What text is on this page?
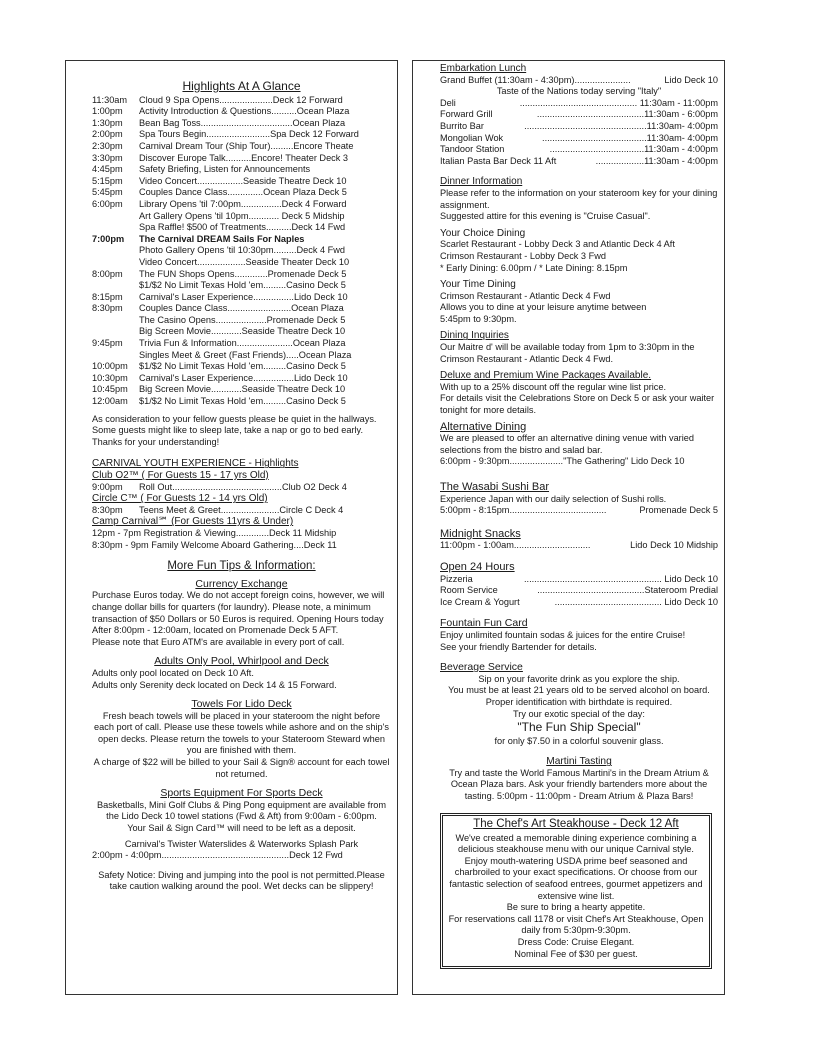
Highlights At A Glance
11:30am	Cloud 9 Spa Opens.....................Deck 12 Forward
1:00pm	Activity Introduction & Questions..........Ocean Plaza
1:30pm	Bean Bag Toss....................................Ocean Plaza
2:00pm	Spa Tours Begin.........................Spa Deck 12 Forward
2:30pm	Carnival Dream Tour (Ship Tour).........Encore Theate
3:30pm	Discover Europe Talk..........Encore! Theater Deck 3
4:45pm	Safety Briefing, Listen for Announcements
5:15pm	Video Concert..................Seaside Theatre Deck 10
5:45pm	Couples Dance Class..............Ocean Plaza Deck 5
6:00pm	Library Opens 'til 7:00pm................Deck 4 Forward
Art Gallery Opens 'til 10pm............ Deck 5 Midship
Spa Raffle! $500 of Treatments..........Deck 14 Fwd
7:00pm	The Carnival DREAM Sails For Naples
Photo Gallery Opens 'til 10:30pm.........Deck 4 Fwd
Video Concert...................Seaside Theater Deck 10
8:00pm	The FUN Shops Opens.............Promenade Deck 5
$1/$2 No Limit Texas Hold 'em.........Casino Deck 5
8:15pm	Carnival's Laser Experience................Lido Deck 10
8:30pm	Couples Dance Class.........................Ocean Plaza
The Casino Opens....................Promenade Deck 5
Big Screen Movie............Seaside Theatre Deck 10
9:45pm	Trivia Fun & Information......................Ocean Plaza
Singles Meet & Greet (Fast Friends).....Ocean Plaza
10:00pm	$1/$2 No Limit Texas Hold 'em.........Casino Deck 5
10:30pm	Carnival's Laser Experience................Lido Deck 10
10:45pm	Big Screen Movie............Seaside Theatre Deck 10
12:00am	$1/$2 No Limit Texas Hold 'em.........Casino Deck 5
As consideration to your fellow guests please be quiet in the hallways. Some guests might like to sleep late, take a nap or go to bed early. Thanks for your understanding!
CARNIVAL YOUTH EXPERIENCE - Highlights
Club O2™ ( For Guests 15 - 17 yrs Old)
9:00pm	Roll Out...........................................Club O2 Deck 4
Circle C™ ( For Guests 12 - 14 yrs Old)
8:30pm	Teens Meet & Greet.......................Circle C Deck 4
Camp Carnival℠ (For Guests 11yrs & Under)
12pm - 7pm Registration & Viewing.............Deck 11 Midship
8:30pm - 9pm Family Welcome Aboard Gathering....Deck 11
More Fun Tips & Information:
Currency Exchange
Purchase Euros today. We do not accept foreign coins, however, we will change dollar bills for quarters (for laundry). Please note, a minimum transaction of $50 Dollars or 50 Euros is required. Opening Hours today After 8:00pm - 12:00am, located on Promenade Deck 5 AFT.
Please note that Euro ATM's are available in every port of call.
Adults Only Pool, Whirlpool and Deck
Adults only pool located on Deck 10 Aft.
Adults only Serenity deck located on Deck 14 & 15 Forward.
Towels For Lido Deck
Fresh beach towels will be placed in your stateroom the night before each port of call. Please use these towels while ashore and on the ship's open decks. Please return the towels to your Stateroom Steward when you are finished with them.
A charge of $22 will be billed to your Sail & Sign® account for each towel not returned.
Sports Equipment For Sports Deck
Basketballs, Mini Golf Clubs & Ping Pong equipment are available from the Lido Deck 10 towel stations (Fwd & Aft) from 9:00am - 6:00pm.
Your Sail & Sign Card™ will need to be left as a deposit.
Carnival's Twister Waterslides & Waterworks Splash Park
2:00pm - 4:00pm..................................................Deck 12 Fwd
Safety Notice: Diving and jumping into the pool is not permitted.Please take caution walking around the pool. Wet decks can be slippery!
Embarkation Lunch
Grand Buffet (11:30am - 4:30pm)......................	Lido Deck 10
Taste of the Nations today serving "Italy"
Deli	.............................................. 11:30am - 11:00pm
Forward Grill	..........................................11:30am - 6:00pm
Burrito Bar	................................................11:30am- 4:00pm
Mongolian Wok	.........................................11:30am- 4:00pm
Tandoor Station	.....................................11:30am - 4:00pm
Italian Pasta Bar Deck 11 Aft	...................11:30am - 4:00pm
Dinner Information
Please refer to the information on your stateroom key for your dining assignment.
Suggested attire for this evening is "Cruise Casual".
Your Choice Dining
Scarlet Restaurant - Lobby Deck 3 and Atlantic Deck 4 Aft
Crimson Restaurant - Lobby Deck 3 Fwd
* Early Dining: 6.00pm / * Late Dining: 8.15pm
Your Time Dining
Crimson Restaurant - Atlantic Deck 4 Fwd
Allows you to dine at your leisure anytime between
5:45pm to 9:30pm.
Dining Inquiries
Our Maitre d' will be available today from 1pm to 3:30pm in the Crimson Restaurant - Atlantic Deck 4 Fwd.
Deluxe and Premium Wine Packages Available.
With up to a 25% discount off the regular wine list price.
For details visit the Celebrations Store on Deck 5 or ask your waiter tonight for more details.
Alternative Dining
We are pleased to offer an alternative dining venue with varied selections from the bistro and salad bar.
6:00pm - 9:30pm..................... "The Gathering" Lido Deck 10
The Wasabi Sushi Bar
Experience Japan with our daily selection of Sushi rolls.
5:00pm - 8:15pm......................................	Promenade Deck 5
Midnight Snacks
11:00pm - 1:00am..............................	Lido Deck 10 Midship
Open 24 Hours
Pizzeria	...................................................... Lido Deck 10
Room Service	..........................................Stateroom Predial
Ice Cream & Yogurt	.......................................... Lido Deck 10
Fountain Fun Card
Enjoy unlimited fountain sodas & juices for the entire Cruise!
See your friendly Bartender for details.
Beverage Service
Sip on your favorite drink as you explore the ship.
You must be at least 21 years old to be served alcohol on board. Proper identification with birthdate is required.
Try our exotic special of the day:
"The Fun Ship Special"
for only $7.50 in a colorful souvenir glass.
Martini Tasting
Try and taste the World Famous Martini's in the Dream Atrium & Ocean Plaza bars. Ask your friendly bartenders more about the tasting. 5:00pm - 11:00pm - Dream Atrium & Plaza Bars!
The Chef's Art Steakhouse - Deck 12 Aft
We've created a memorable dining experience combining a delicious steakhouse menu with our unique Carnival style. Enjoy mouth-watering USDA prime beef seasoned and charbroiled to your exact specifications. Or choose from our fantastic selection of seafood entrees, gourmet appetizers and extensive wine list.
Be sure to bring a hearty appetite.
For reservations call 1178 or visit Chef's Art Steakhouse, Open daily from 5:30pm-9:30pm.
Dress Code: Cruise Elegant.
Nominal Fee of $30 per guest.
